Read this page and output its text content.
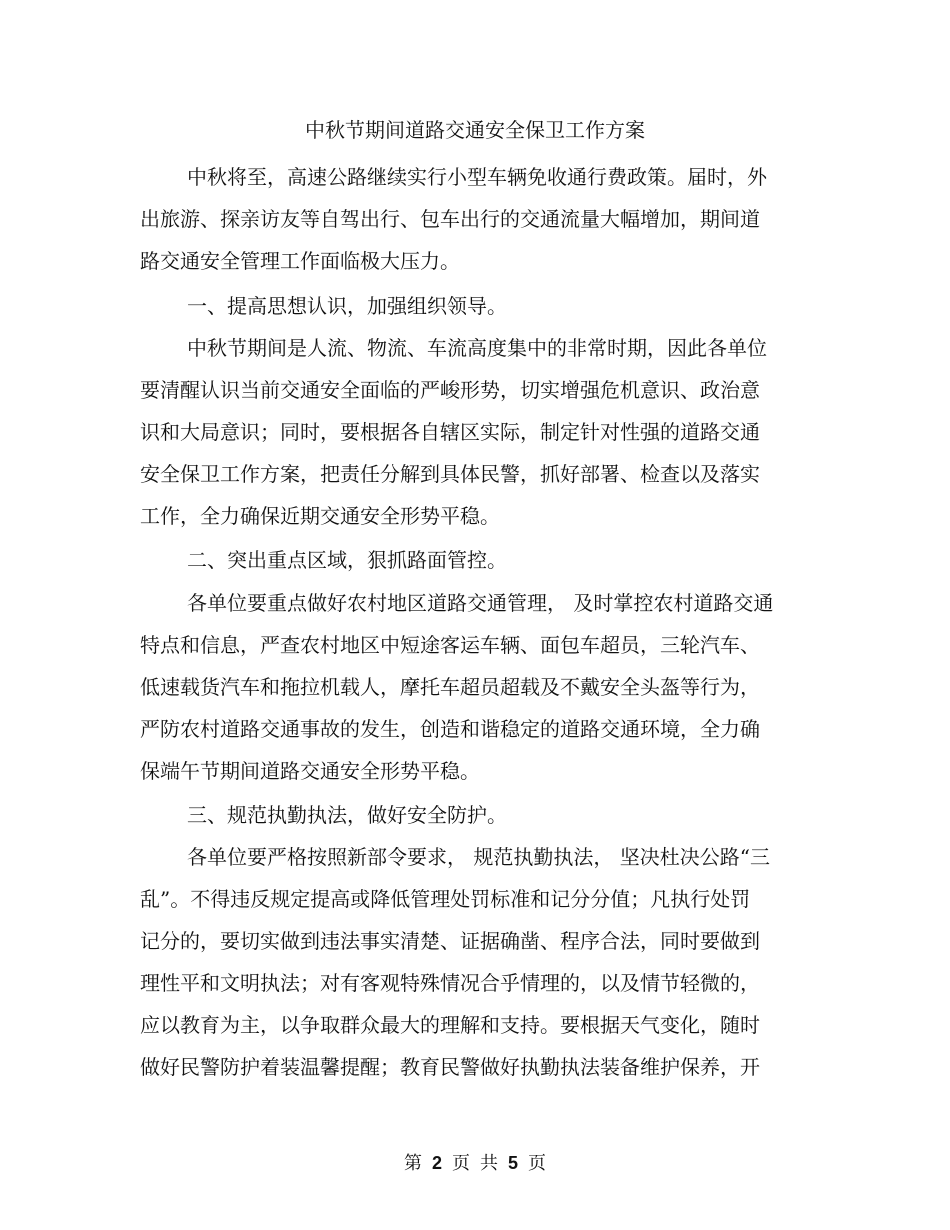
中秋节期间道路交通安全保卫工作方案
中秋将至，高速公路继续实行小型车辆免收通行费政策。届时，外
出旅游、探亲访友等自驾出行、包车出行的交通流量大幅增加，期间道
路交通安全管理工作面临极大压力。
一、提高思想认识，加强组织领导。
中秋节期间是人流、物流、车流高度集中的非常时期，因此各单位
要清醒认识当前交通安全面临的严峻形势，切实增强危机意识、政治意
识和大局意识；同时，要根据各自辖区实际，制定针对性强的道路交通
安全保卫工作方案，把责任分解到具体民警，抓好部署、检查以及落实
工作，全力确保近期交通安全形势平稳。
二、突出重点区域，狠抓路面管控。
各单位要重点做好农村地区道路交通管理， 及时掌控农村道路交通
特点和信息，严查农村地区中短途客运车辆、面包车超员，三轮汽车、
低速载货汽车和拖拉机载人，摩托车超员超载及不戴安全头盔等行为，
严防农村道路交通事故的发生，创造和谐稳定的道路交通环境，全力确
保端午节期间道路交通安全形势平稳。
三、规范执勤执法，做好安全防护。
各单位要严格按照新部令要求， 规范执勤执法， 坚决杜决公路“三
乱”。不得违反规定提高或降低管理处罚标准和记分分值；凡执行处罚
记分的，要切实做到违法事实清楚、证据确凿、程序合法，同时要做到
理性平和文明执法；对有客观特殊情况合乎情理的，以及情节轻微的，
应以教育为主，以争取群众最大的理解和支持。要根据天气变化，随时
做好民警防护着装温馨提醒；教育民警做好执勤执法装备维护保养，开
第 2 页 共 5 页
